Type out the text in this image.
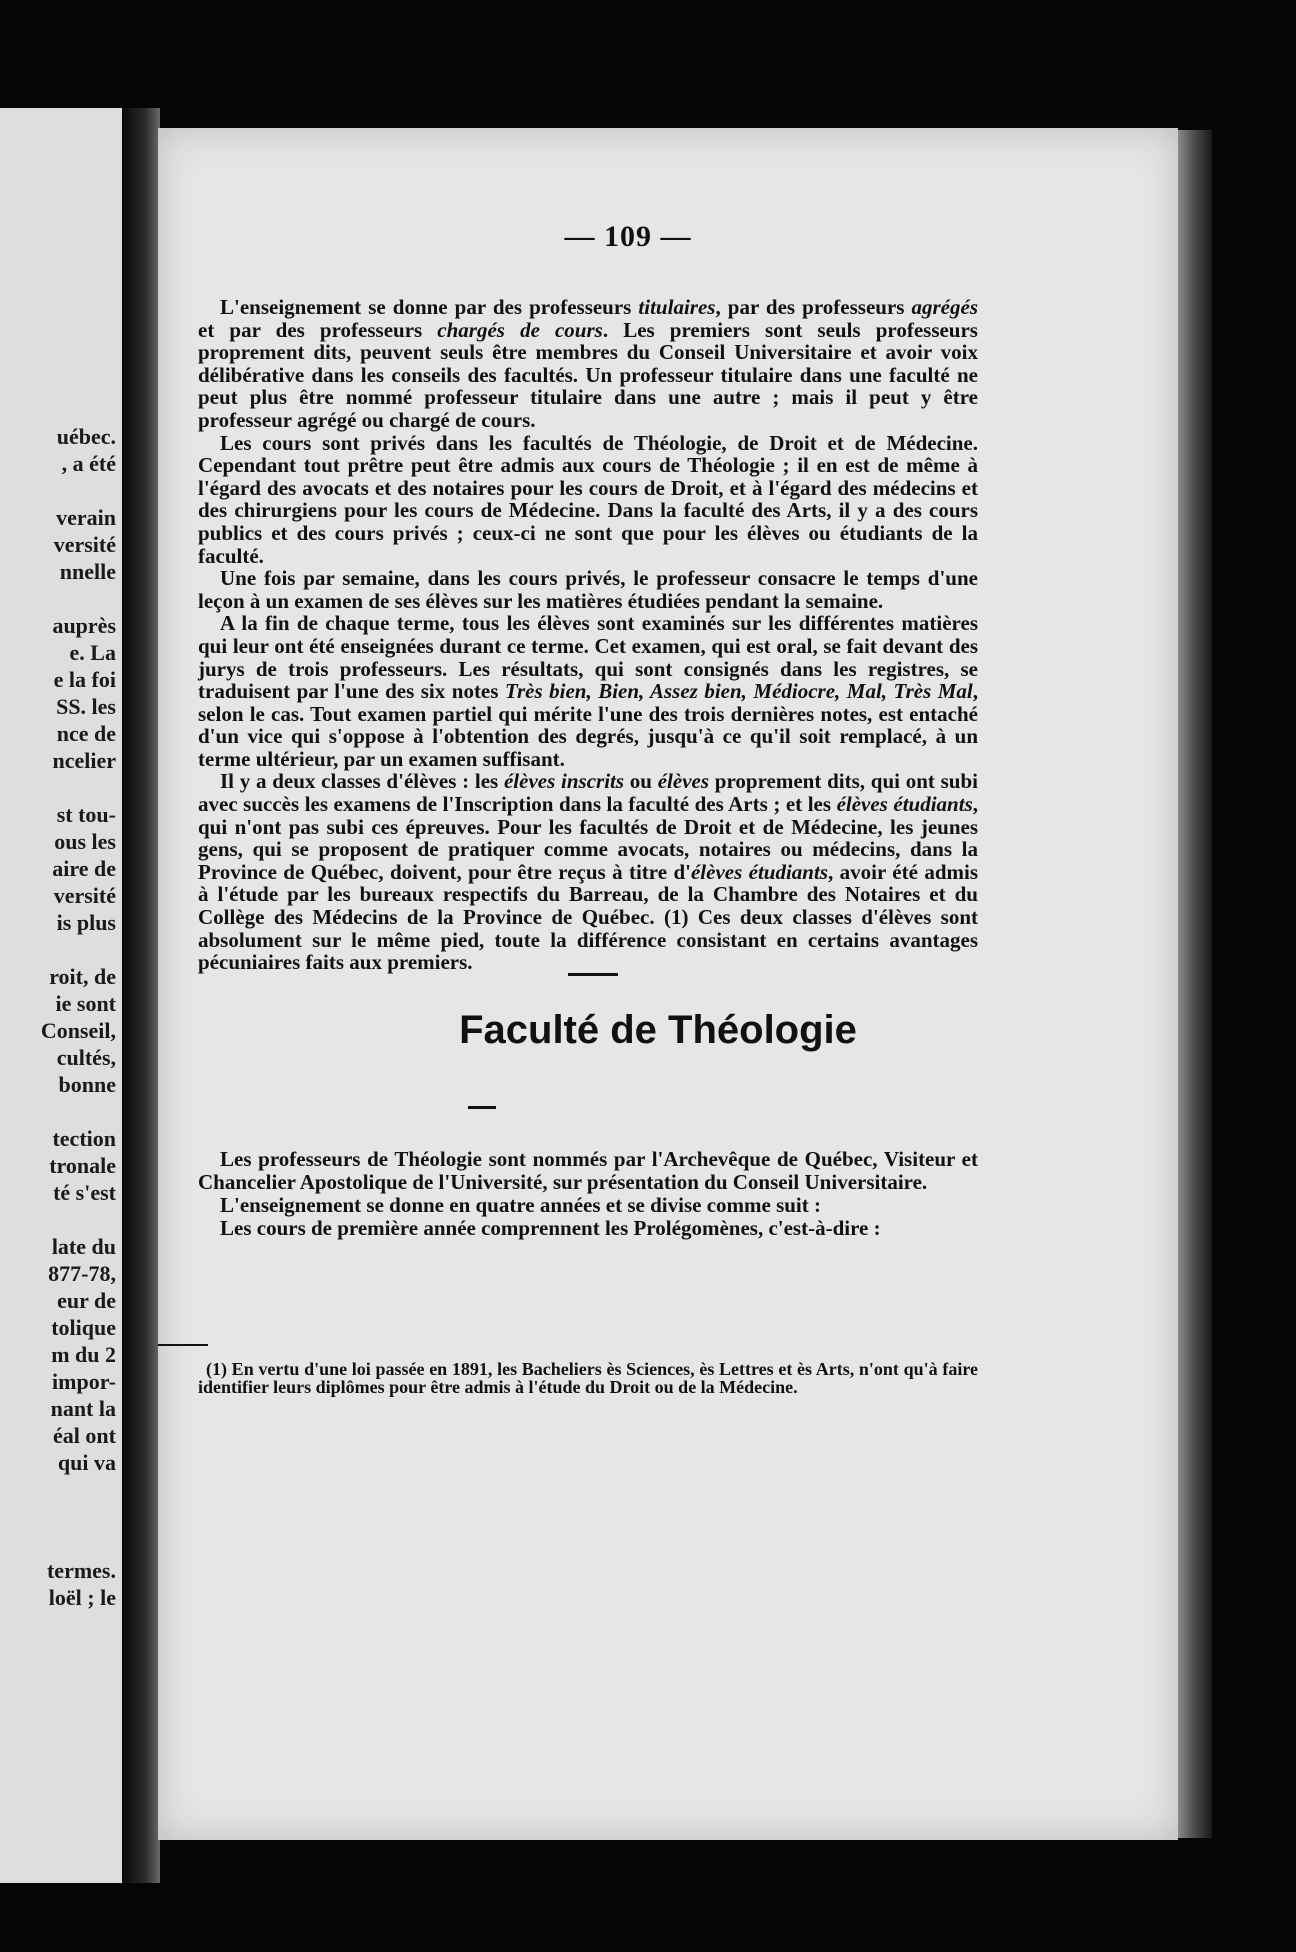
uébec.
, a été
verain
versité
nnelle
auprès
e. La
e la foi
SS. les
nce de
ncelier
st tou-
ous les
aire de
versité
is plus
roit, de
ie sont
Conseil,
cultés,
bonne
tection
tronale
té s'est
late du
877-78,
eur de
tolique
m du 2
impor-
nant la
éal ont
qui va
termes.
loël ; le
— 109 —

L'enseignement se donne par des professeurs titulaires, par des professeurs agrégés et par des professeurs chargés de cours. Les premiers sont seuls professeurs proprement dits, peuvent seuls être membres du Conseil Universitaire et avoir voix délibérative dans les conseils des facultés. Un professeur titulaire dans une faculté ne peut plus être nommé professeur titulaire dans une autre ; mais il peut y être professeur agrégé ou chargé de cours.

Les cours sont privés dans les facultés de Théologie, de Droit et de Médecine. Cependant tout prêtre peut être admis aux cours de Théologie ; il en est de même à l'égard des avocats et des notaires pour les cours de Droit, et à l'égard des médecins et des chirurgiens pour les cours de Médecine. Dans la faculté des Arts, il y a des cours publics et des cours privés ; ceux-ci ne sont que pour les élèves ou étudiants de la faculté.

Une fois par semaine, dans les cours privés, le professeur consacre le temps d'une leçon à un examen de ses élèves sur les matières étudiées pendant la semaine.

A la fin de chaque terme, tous les élèves sont examinés sur les différentes matières qui leur ont été enseignées durant ce terme. Cet examen, qui est oral, se fait devant des jurys de trois professeurs. Les résultats, qui sont consignés dans les registres, se traduisent par l'une des six notes Très bien, Bien, Assez bien, Médiocre, Mal, Très Mal, selon le cas. Tout examen partiel qui mérite l'une des trois dernières notes, est entaché d'un vice qui s'oppose à l'obtention des degrés, jusqu'à ce qu'il soit remplacé, à un terme ultérieur, par un examen suffisant.

Il y a deux classes d'élèves : les élèves inscrits ou élèves proprement dits, qui ont subi avec succès les examens de l'Inscription dans la faculté des Arts ; et les élèves étudiants, qui n'ont pas subi ces épreuves. Pour les facultés de Droit et de Médecine, les jeunes gens, qui se proposent de pratiquer comme avocats, notaires ou médecins, dans la Province de Québec, doivent, pour être reçus à titre d'élèves étudiants, avoir été admis à l'étude par les bureaux respectifs du Barreau, de la Chambre des Notaires et du Collège des Médecins de la Province de Québec. (1) Ces deux classes d'élèves sont absolument sur le même pied, toute la différence consistant en certains avantages pécuniaires faits aux premiers.

Faculté de Théologie

Les professeurs de Théologie sont nommés par l'Archevêque de Québec, Visiteur et Chancelier Apostolique de l'Université, sur présentation du Conseil Universitaire.

L'enseignement se donne en quatre années et se divise comme suit :

Les cours de première année comprennent les Prolégomènes, c'est-à-dire :

(1) En vertu d'une loi passée en 1891, les Bacheliers ès Sciences, ès Lettres et ès Arts, n'ont qu'à faire identifier leurs diplômes pour être admis à l'étude du Droit ou de la Médecine.
